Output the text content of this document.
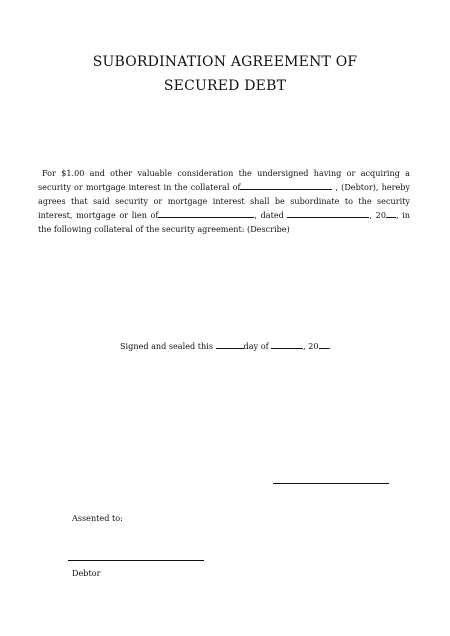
SUBORDINATION AGREEMENT OF
SECURED DEBT
For $1.00 and other valuable consideration the undersigned having or acquiring a security or mortgage interest in the collateral of	, (Debtor), hereby agrees that said security or mortgage interest shall be subordinate to the security interest, mortgage or lien of	, dated	, 20 , in the following collateral of the security agreement: (Describe)
Signed and sealed this	day of	, 20 .
Assented to:
Debtor
